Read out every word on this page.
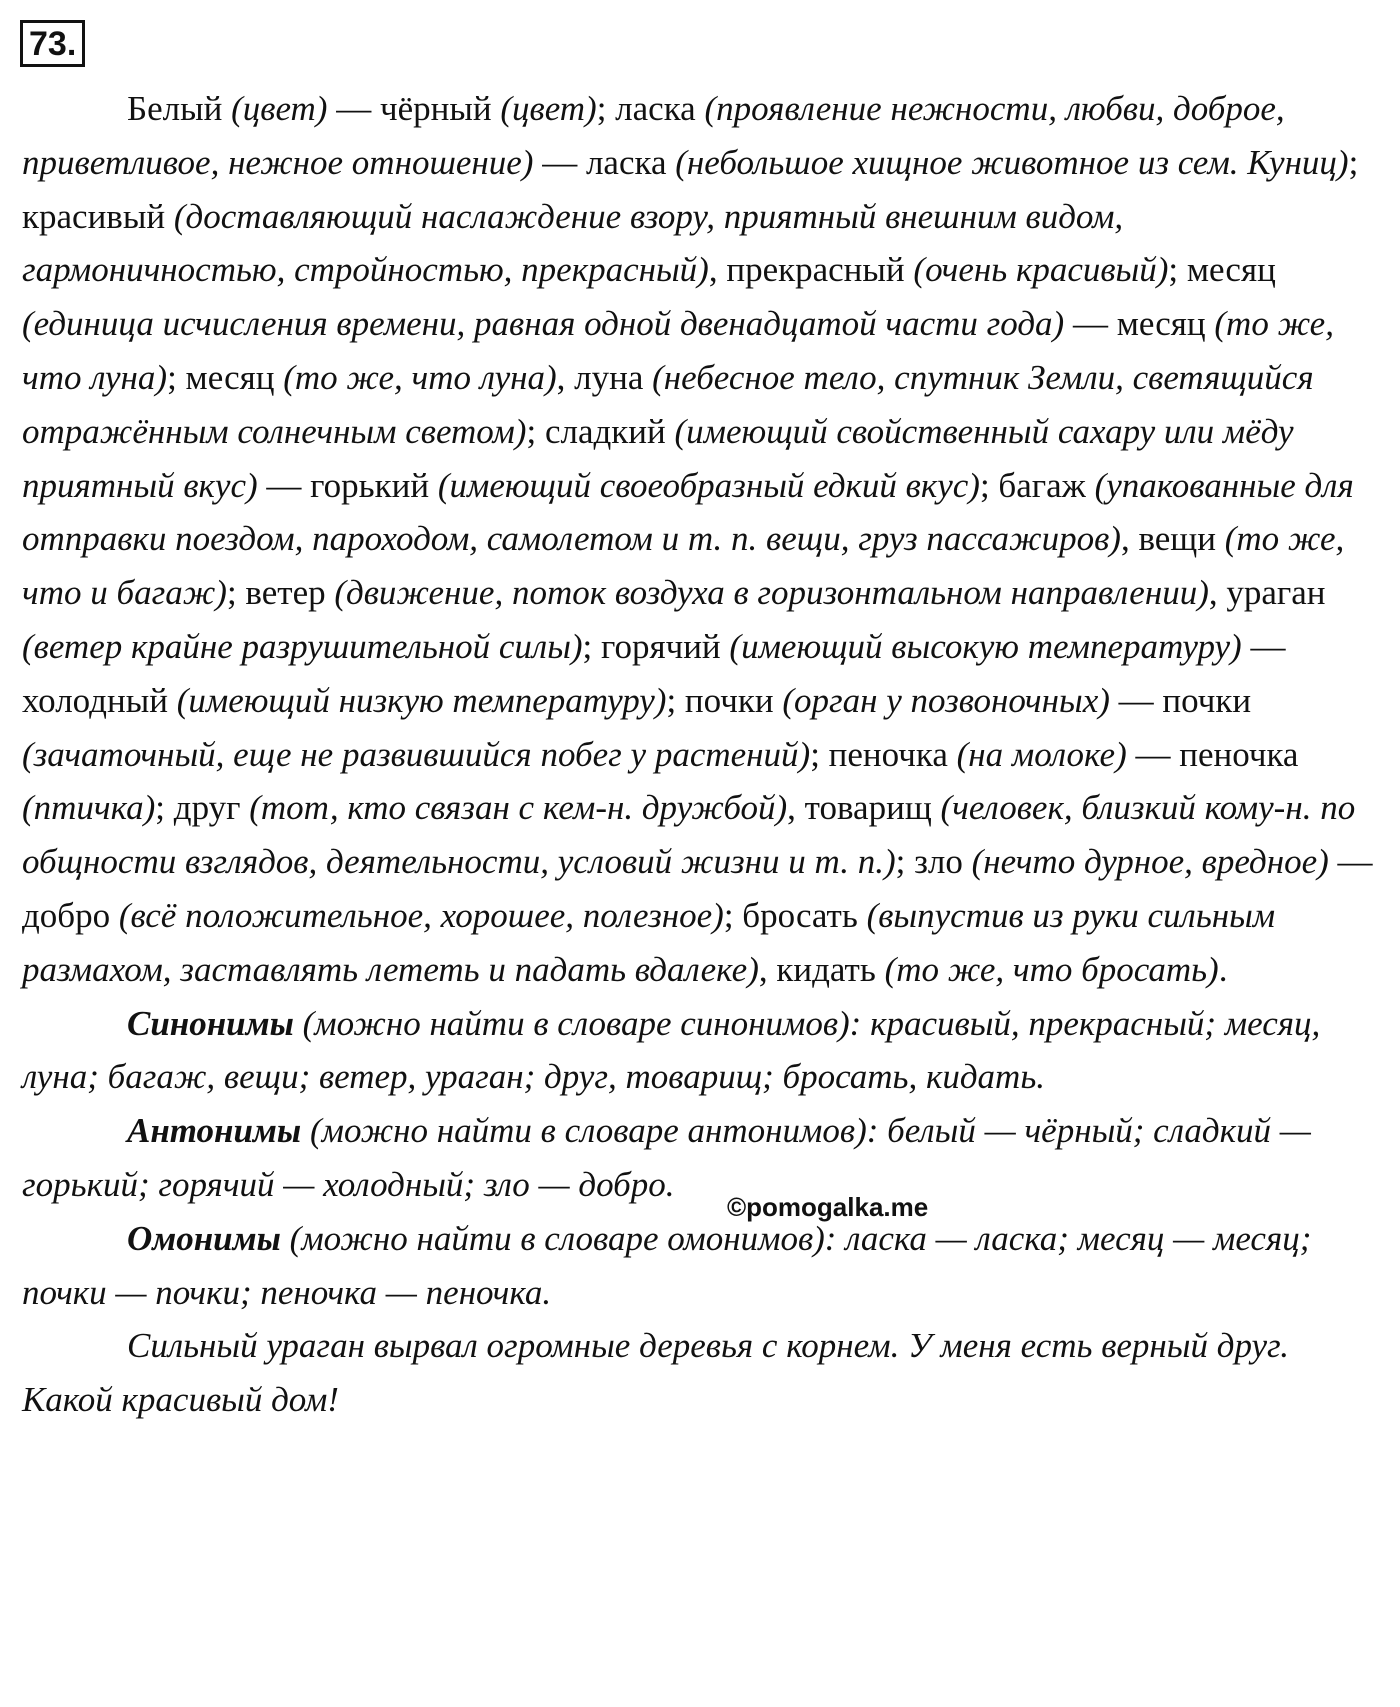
73.

Белый (цвет) — чёрный (цвет); ласка (проявление нежности, любви, доброе, приветливое, нежное отношение) — ласка (небольшое хищное животное из сем. Куниц); красивый (доставляющий наслаждение взору, приятный внешним видом, гармоничностью, стройностью, прекрасный), прекрасный (очень красивый); месяц (единица исчисления времени, равная одной двенадцатой части года) — месяц (то же, что луна); месяц (то же, что луна), луна (небесное тело, спутник Земли, светящийся отражённым солнечным светом); сладкий (имеющий свойственный сахару или мёду приятный вкус) — горький (имеющий своеобразный едкий вкус); багаж (упакованные для отправки поездом, пароходом, самолетом и т. п. вещи, груз пассажиров), вещи (то же, что и багаж); ветер (движение, поток воздуха в горизонтальном направлении), ураган (ветер крайне разрушительной силы); горячий (имеющий высокую температуру) — холодный (имеющий низкую температуру); почки (орган у позвоночных) — почки (зачаточный, еще не развившийся побег у растений); пеночка (на молоке) — пеночка (птичка); друг (тот, кто связан с кем-н. дружбой), товарищ (человек, близкий кому-н. по общности взглядов, деятельности, условий жизни и т. п.); зло (нечто дурное, вредное) — добро (всё положительное, хорошее, полезное); бросать (выпустив из руки сильным размахом, заставлять лететь и падать вдалеке), кидать (то же, что бросать).

Синонимы (можно найти в словаре синонимов): красивый, прекрасный; месяц, луна; багаж, вещи; ветер, ураган; друг, товарищ; бросать, кидать.

Антонимы (можно найти в словаре антонимов): белый — чёрный; сладкий — горький; горячий — холодный; зло — добро.

Омонимы (можно найти в словаре омонимов): ласка — ласка; месяц — месяц; почки — почки; пеночка — пеночка.

Сильный ураган вырвал огромные деревья с корнем. У меня есть верный друг. Какой красивый дом!

©pomogalka.me
